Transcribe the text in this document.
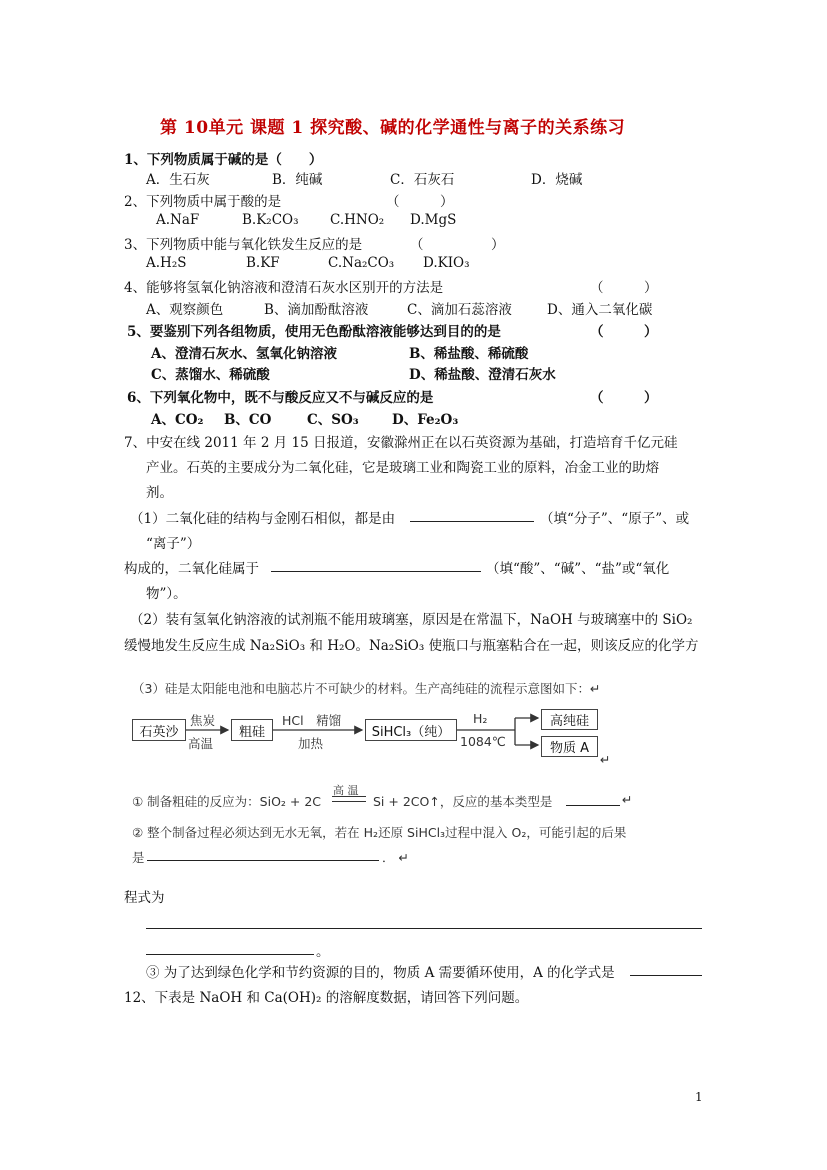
第 10单元 课题 1 探究酸、碱的化学通性与离子的关系练习
1、下列物质属于碱的是（　　）
A．生石灰	B．纯碱	C．石灰石	D．烧碱
2、下列物质中属于酸的是	（　　　）
A.NaF	B.K₂CO₃ C.HNO₂ D.MgS
3、下列物质中能与氧化铁发生反应的是	（　　　　　）
A.H₂S	B.KF	C.Na₂CO₃ D.KIO₃
4、能够将氢氧化钠溶液和澄清石灰水区别开的方法是	（　　　）
A、观察颜色	B、滴加酚酞溶液	C、滴加石蕊溶液	D、通入二氧化碳
5、要鉴别下列各组物质，使用无色酚酞溶液能够达到目的的是	（　　　）
A、澄清石灰水、氢氧化钠溶液	B、稀盐酸、稀硫酸
C、蒸馏水、稀硫酸	D、稀盐酸、澄清石灰水
6、下列氧化物中，既不与酸反应又不与碱反应的是	（　　　）
A、CO₂ B、CO	C、SO₃ D、Fe₂O₃
7、中安在线 2011 年 2 月 15 日报道，安徽滁州正在以石英资源为基础，打造培育千亿元硅
产业。石英的主要成分为二氧化硅，它是玻璃工业和陶瓷工业的原料，冶金工业的助熔
剂。
（1）二氧化硅的结构与金刚石相似，都是由	（填“分子”、“原子”、或
“离子”）
构成的，二氧化硅属于	（填“酸”、“碱”、“盐”或“氧化
物”）。
（2）装有氢氧化钠溶液的试剂瓶不能用玻璃塞，原因是在常温下，NaOH 与玻璃塞中的 SiO₂
缓慢地发生反应生成 Na₂SiO₃ 和 H₂O。Na₂SiO₃ 使瓶口与瓶塞粘合在一起，则该反应的化学方
（3）硅是太阳能电池和电脑芯片不可缺少的材料。生产高纯硅的流程示意图如下：↵
石英沙	粗硅	SiHCl₃（纯）
高纯硅
物质 A
焦炭
高温
HCl　精馏
加热
H₂
1084℃
↵
① 制备粗硅的反应为：SiO₂ + 2C
高 温
Si + 2CO↑，反应的基本类型是	↵
② 整个制备过程必须达到无水无氧，若在 H₂还原 SiHCl₃过程中混入 O₂，可能引起的后果
是	． ↵
程式为
。
③ 为了达到绿色化学和节约资源的目的，物质 A 需要循环使用，A 的化学式是
12、下表是 NaOH 和 Ca(OH)₂ 的溶解度数据，请回答下列问题。
1
